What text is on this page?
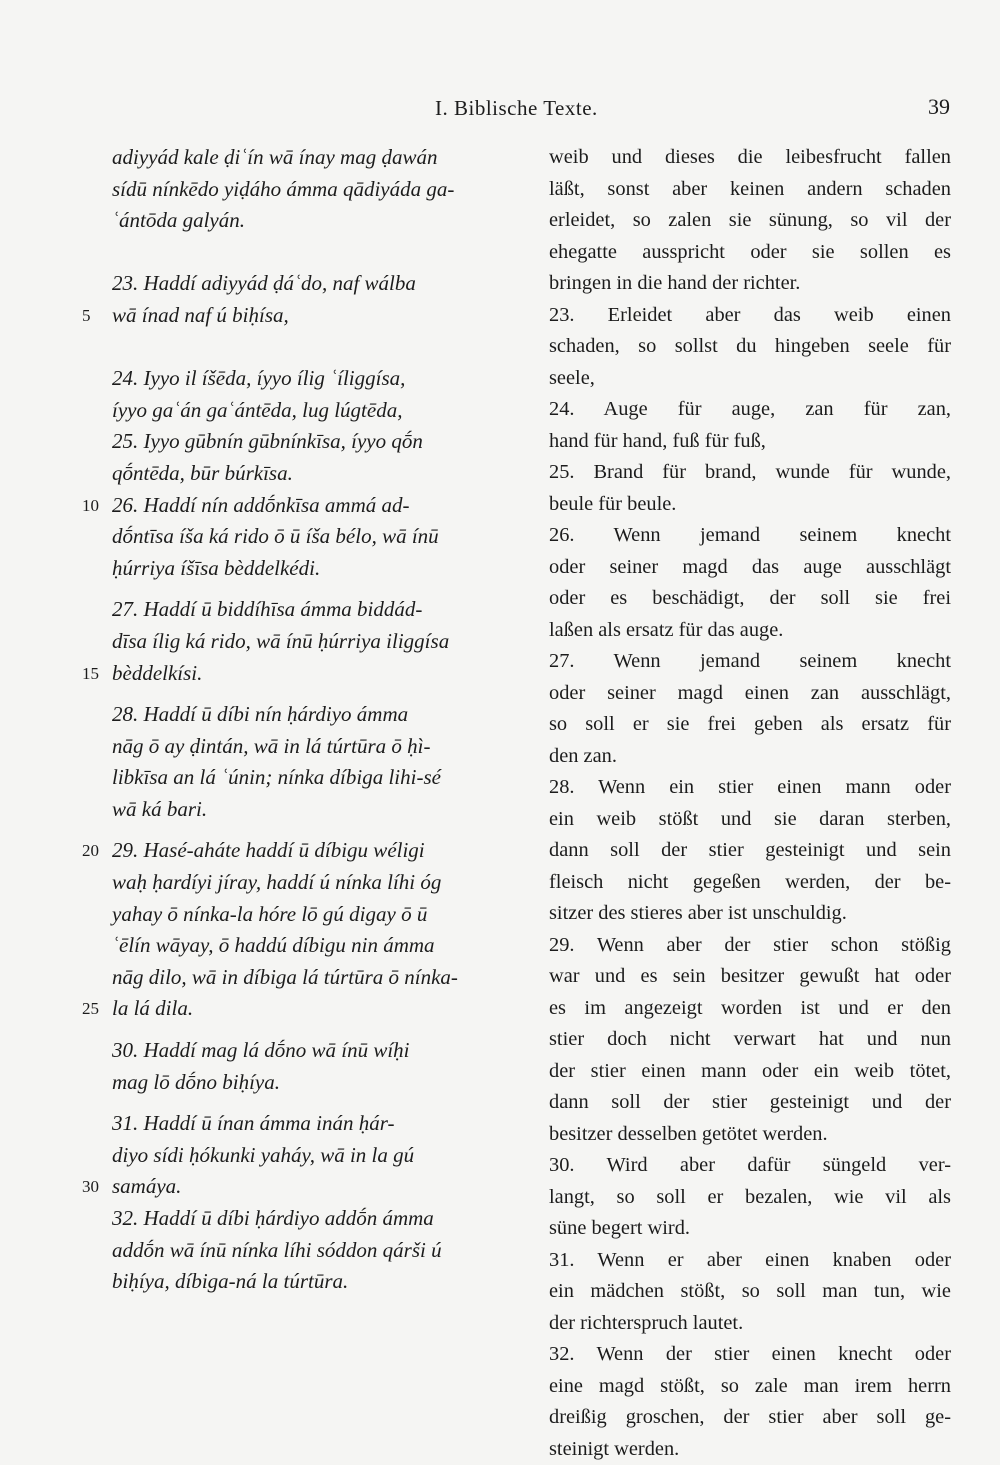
I. Biblische Texte.	39
adiyyád kale ḍiʿín wā ínay mag ḍawán
sídū nínkēdo yiḍáho ámma qādiyáda ga-
ʿántōda galyán.
23. Haddí adiyyád ḍáʿdo, naf wálba
5	wā ínad naf ú biḥísa,
24. Iyyo il íšēda, íyyo ílig ʿíliggísa,
íyyo gaʿán gaʿántēda, lug lúgtēda,
25. Iyyo gūbnín gūbnínkīsa, íyyo qṓn
qṓntēda, būr búrkīsa.
10 26. Haddí nín addṓnkīsa ammá ad-
dṓntīsa íša ká rido ō ū íša bélo, wā ínū
ḥúrriya íšīsa bèddelkédi.
27. Haddí ū biddíhīsa ámma biddád-
dīsa ílig ká rido, wā ínū ḥúrriya iliggísa
15 bèddelkísi.
28. Haddí ū díbi nín ḥárdiyo ámma
nāg ō ay ḍintán, wā in lá túrtūra ō ḥì-
libkīsa an lá ʿúnin; nínka díbiga lihi-sé
wā ká bari.
20 29. Hasé-aháte haddí ū díbigu wéligi
waḥ ḥardíyi jíray, haddí ú nínka líhi óg
yahay ō nínka-la hóre lō gú digay ō ū
ʿēlín wāyay, ō haddú díbigu nin ámma
nāg dilo, wā in díbiga lá túrtūra ō nínka-
25 la lá dila.
30. Haddí mag lá dṓno wā ínū wíḥi
mag lō dṓno biḥíya.
31. Haddí ū ínan ámma inán ḥár-
diyo sídi ḥókunki yaháy, wā in la gú
30 samáya.
32. Haddí ū díbi ḥárdiyo addṓn ámma
addṓn wā ínū nínka líhi sóddon qárši ú
biḥíya, díbiga-ná la túrtūra.
weib und dieses die leibesfrucht fallen
läßt, sonst aber keinen andern schaden
erleidet, so zalen sie sünung, so vil der
ehegatte ausspricht oder sie sollen es
bringen in die hand der richter.
23. Erleidet aber das weib einen
schaden, so sollst du hingeben seele für
seele,
24. Auge für auge, zan für zan,
hand für hand, fuß für fuß,
25. Brand für brand, wunde für wunde,
beule für beule.
26. Wenn jemand seinem knecht
oder seiner magd das auge ausschlägt
oder es beschädigt, der soll sie frei
laßen als ersatz für das auge.
27. Wenn jemand seinem knecht
oder seiner magd einen zan ausschlägt,
so soll er sie frei geben als ersatz für
den zan.
28. Wenn ein stier einen mann oder
ein weib stößt und sie daran sterben,
dann soll der stier gesteinigt und sein
fleisch nicht gegeßen werden, der be-
sitzer des stieres aber ist unschuldig.
29. Wenn aber der stier schon stößig
war und es sein besitzer gewußt hat oder
es im angezeigt worden ist und er den
stier doch nicht verwart hat und nun
der stier einen mann oder ein weib tötet,
dann soll der stier gesteinigt und der
besitzer desselben getötet werden.
30. Wird aber dafür süngeld ver-
langt, so soll er bezalen, wie vil als
süne begert wird.
31. Wenn er aber einen knaben oder
ein mädchen stößt, so soll man tun, wie
der richterspruch lautet.
32. Wenn der stier einen knecht oder
eine magd stößt, so zale man irem herrn
dreißig groschen, der stier aber soll ge-
steinigt werden.
